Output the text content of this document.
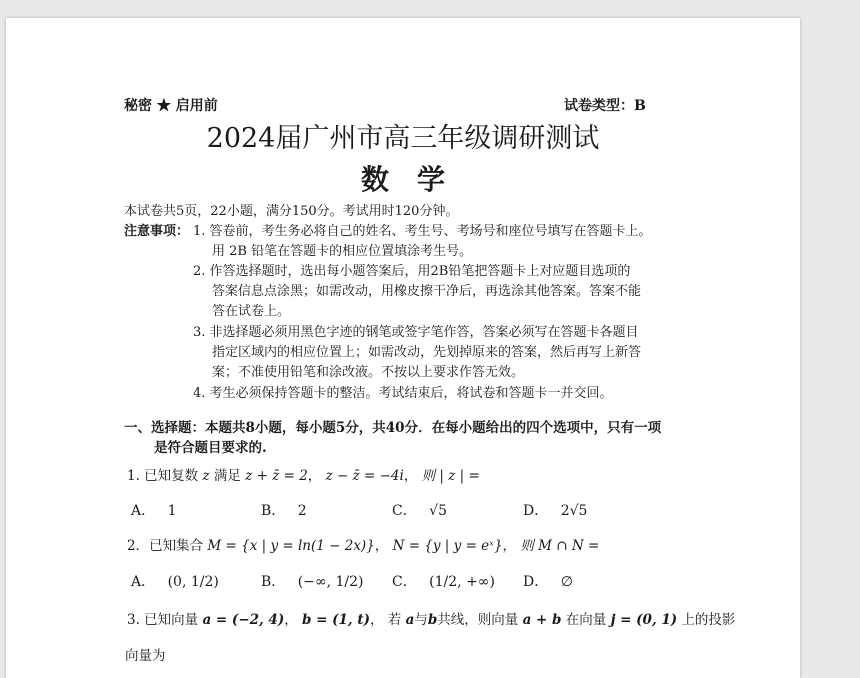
秘密 ★ 启用前	试卷类型：B
2024届广州市高三年级调研测试
数学
本试卷共5页，22小题，满分150分。考试用时120分钟。
注意事项： 1. 答卷前，考生务必将自己的姓名、考生号、考场号和座位号填写在答题卡上。
用 2B 铅笔在答题卡的相应位置填涂考生号。
2. 作答选择题时，选出每小题答案后，用2B铅笔把答题卡上对应题目选项的
答案信息点涂黑；如需改动，用橡皮擦干净后，再选涂其他答案。答案不能
答在试卷上。
3. 非选择题必须用黑色字迹的钢笔或签字笔作答，答案必须写在答题卡各题目
指定区域内的相应位置上；如需改动，先划掉原来的答案，然后再写上新答
案；不准使用铅笔和涂改液。不按以上要求作答无效。
4. 考生必须保持答题卡的整洁。考试结束后，将试卷和答题卡一并交回。
一、选择题：本题共8小题，每小题5分，共40分．在每小题给出的四个选项中，只有一项
是符合题目要求的.
1. 已知复数 z 满足 z + z̄ = 2， z − z̄ = −4i， 则 | z | =
A． 1	B． 2	C． √5	D． 2√5
2．已知集合 M = {x | y = ln(1 − 2x)}， N = {y | y = eˣ}， 则 M ∩ N =
A． (0, 1/2)	B． (−∞, 1/2) C． (1/2, +∞) D． ∅
3. 已知向量 a = (−2, 4)， b = (1, t)， 若 a与b共线，则向量 a + b 在向量 j = (0, 1) 上的投影
向量为
